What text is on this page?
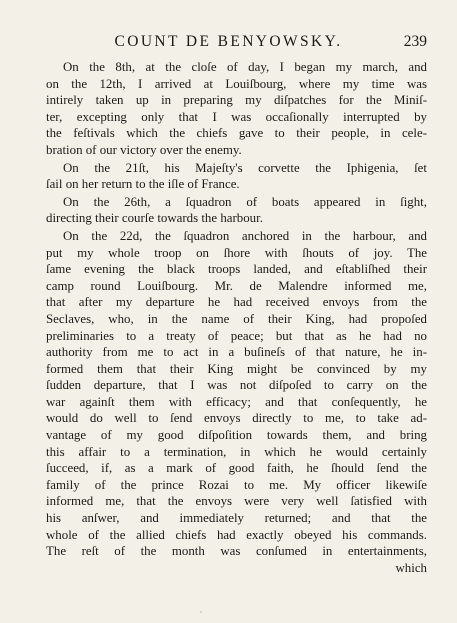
COUNT DE BENYOWSKY.	239
On the 8th, at the cloſe of day, I began my march, and
on the 12th, I arrived at Louiſbourg, where my time was
intirely taken up in preparing my diſpatches for the Miniſ-
ter, excepting only that I was occaſionally interrupted by
the feſtivals which the chiefs gave to their people, in cele-
bration of our victory over the enemy.
On the 21ſt, his Majeſty's corvette the Iphigenia, ſet
ſail on her return to the iſle of France.
On the 26th, a ſquadron of boats appeared in ſight,
directing their courſe towards the harbour.
On the 22d, the ſquadron anchored in the harbour, and
put my whole troop on ſhore with ſhouts of joy. The
ſame evening the black troops landed, and eſtabliſhed their
camp round Louiſbourg. Mr. de Malendre informed me,
that after my departure he had received envoys from the
Seclaves, who, in the name of their King, had propoſed
preliminaries to a treaty of peace; but that as he had no
authority from me to act in a buſineſs of that nature, he in-
formed them that their King might be convinced by my
ſudden departure, that I was not diſpoſed to carry on the
war againſt them with efficacy; and that conſequently, he
would do well to ſend envoys directly to me, to take ad-
vantage of my good diſpoſition towards them, and bring
this affair to a termination, in which he would certainly
ſucceed, if, as a mark of good faith, he ſhould ſend the
family of the prince Rozai to me. My officer likewiſe
informed me, that the envoys were very well ſatisfied with
his anſwer, and immediately returned; and that the
whole of the allied chiefs had exactly obeyed his commands.
The reſt of the month was conſumed in entertainments,
which
,
